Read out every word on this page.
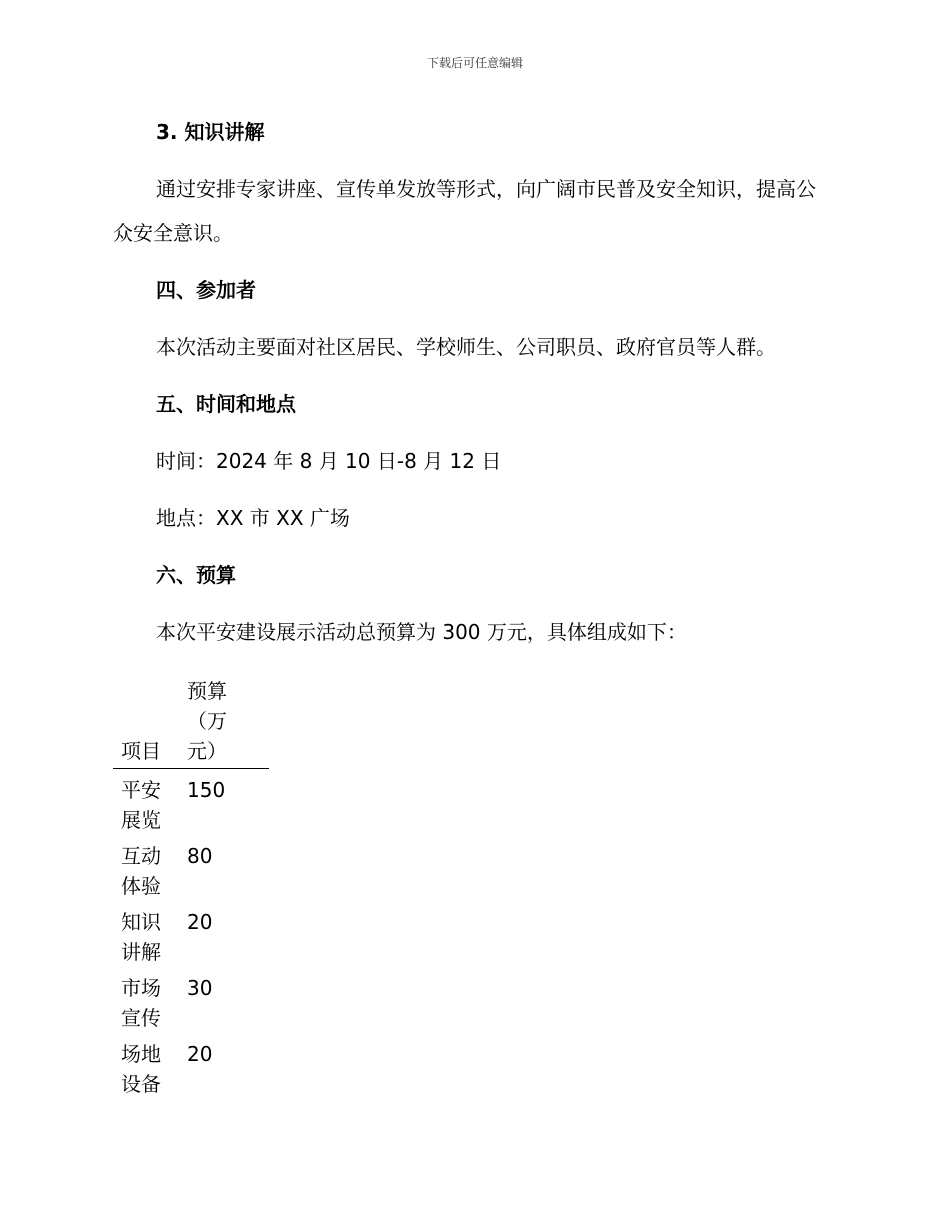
下载后可任意编辑
3. 知识讲解
通过安排专家讲座、宣传单发放等形式，向广阔市民普及安全知识，提高公众安全意识。
四、参加者
本次活动主要面对社区居民、学校师生、公司职员、政府官员等人群。
五、时间和地点
时间：2024 年 8 月 10 日-8 月 12 日
地点：XX 市 XX 广场
六、预算
本次平安建设展示活动总预算为 300 万元，具体组成如下：
项目	预算（万元）

平安展览	150

互动体验	80

知识讲解	20

市场宣传	30

场地设备	20
